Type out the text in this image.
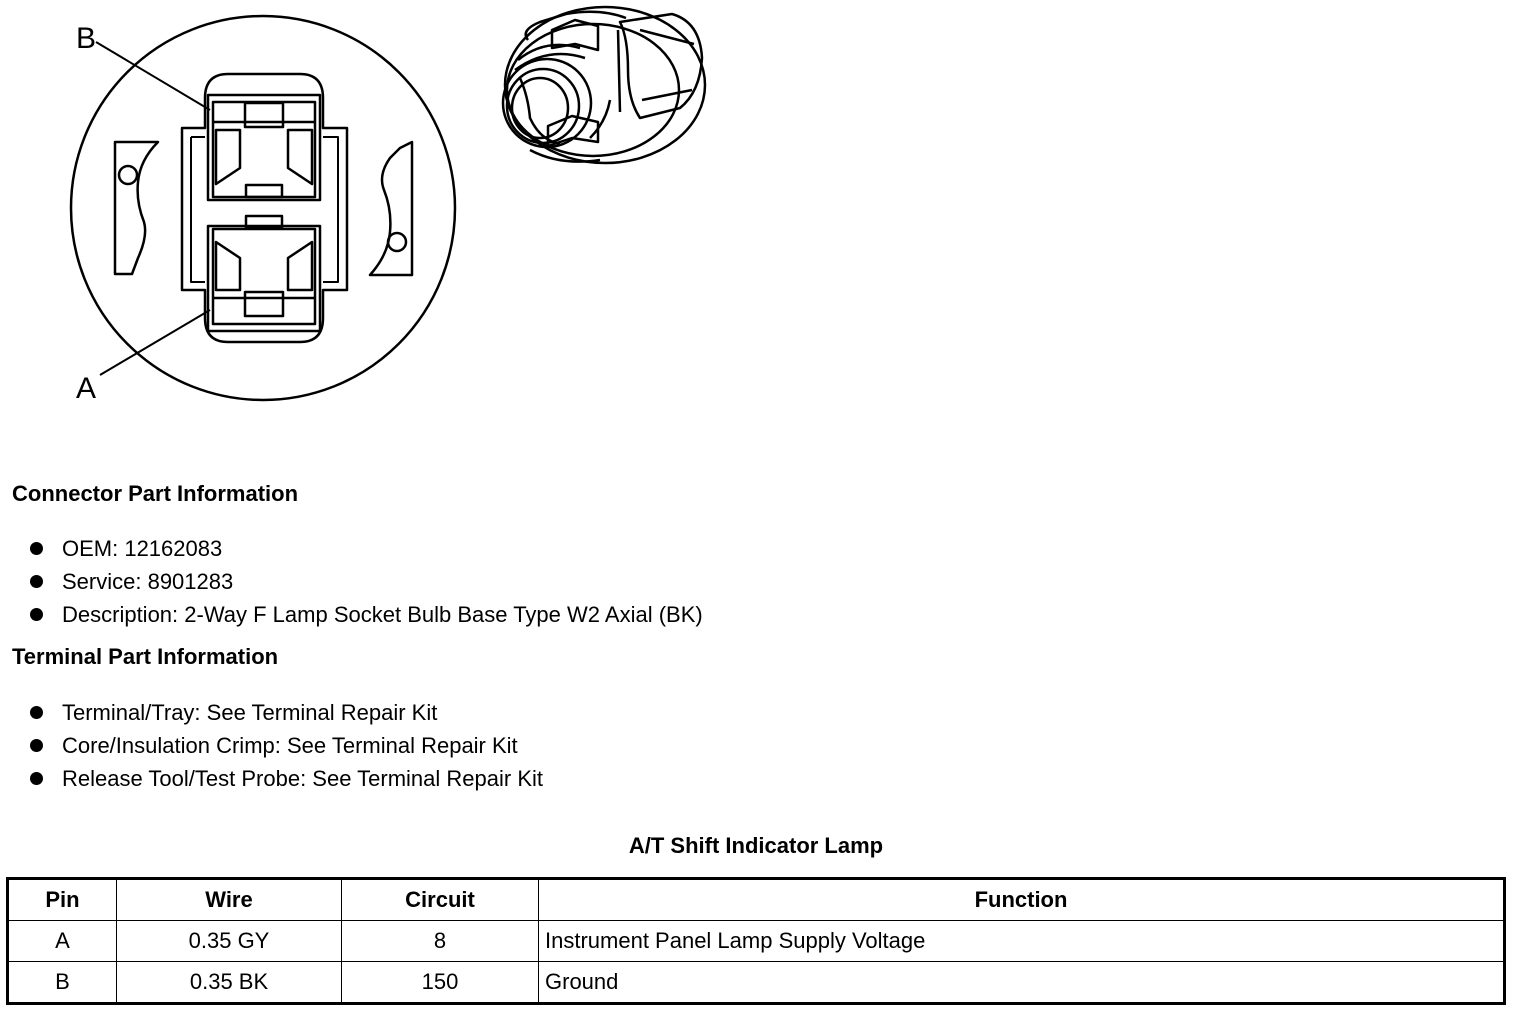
B
A
Connector Part Information
OEM: 12162083
Service: 8901283
Description: 2-Way F Lamp Socket Bulb Base Type W2 Axial (BK)
Terminal Part Information
Terminal/Tray: See Terminal Repair Kit
Core/Insulation Crimp: See Terminal Repair Kit
Release Tool/Test Probe: See Terminal Repair Kit
A/T Shift Indicator Lamp
Pin	Wire	Circuit	Function
A	0.35 GY	8	Instrument Panel Lamp Supply Voltage
B	0.35 BK	150	Ground
